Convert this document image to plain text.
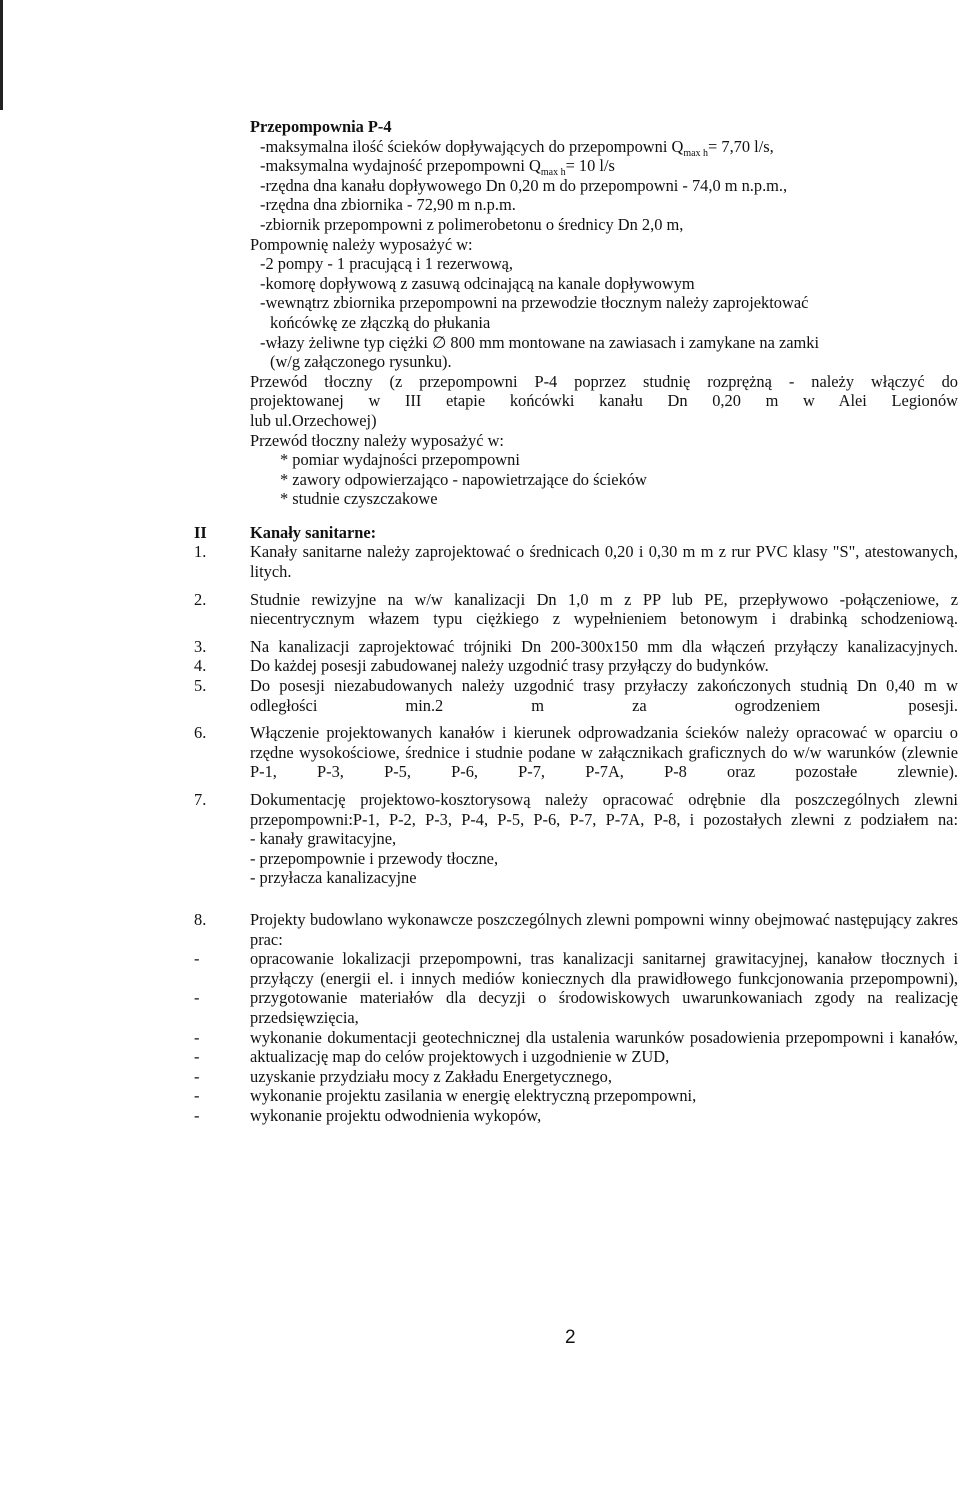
Przepompownia P-4
-maksymalna ilość ścieków dopływających do przepompowni $Q_{max h}= 7,70$ l/s,
-maksymalna wydajność przepompowni $Q_{max h}= 10$ l/s
-rzędna dna kanału dopływowego Dn 0,20 m do przepompowni - 74,0 m n.p.m.,
-rzędna dna zbiornika - 72,90 m n.p.m.
-zbiornik przepompowni z polimerobetonu o średnicy Dn 2,0 m,
Pompownię należy wyposażyć w:
-2 pompy - 1 pracującą i 1 rezerwową,
-komorę dopływową z zasuwą odcinającą na kanale dopływowym
-wewnątrz zbiornika przepompowni na przewodzie tłocznym należy zaprojektować
końcówkę ze złączką do płukania
-włazy żeliwne typ ciężki ∅ 800 mm montowane na zawiasach i zamykane na zamki
(w/g załączonego rysunku).
Przewód tłoczny (z przepompowni P-4 poprzez studnię rozprężną - należy włączyć do
projektowanej w III etapie końcówki kanału Dn 0,20 m w Alei Legionów
lub ul.Orzechowej)
Przewód tłoczny należy wyposażyć w:
* pomiar wydajności przepompowni
* zawory odpowierzająco - napowietrzające do ścieków
* studnie czyszczakowe
II	Kanały sanitarne:
1.	Kanały sanitarne należy zaprojektować o średnicach 0,20 i 0,30 m m z rur PVC klasy "S", atestowanych, litych.
2.	Studnie rewizyjne na w/w kanalizacji Dn 1,0 m z PP lub PE, przepływowo -połączeniowe, z niecentrycznym włazem typu ciężkiego z wypełnieniem betonowym i drabinką schodzeniową.
3.	Na kanalizacji zaprojektować trójniki Dn 200-300x150 mm dla włączeń przyłączy kanalizacyjnych.
4.	Do każdej posesji zabudowanej należy uzgodnić trasy przyłączy do budynków.
5.	Do posesji niezabudowanych należy uzgodnić trasy przyłaczy zakończonych studnią Dn 0,40 m w odległości min.2 m za ogrodzeniem posesji.
6.	Włączenie projektowanych kanałów i kierunek odprowadzania ścieków należy opracować w oparciu o rzędne wysokościowe, średnice i studnie podane w załącznikach graficznych do w/w warunków (zlewnie P-1, P-3, P-5, P-6, P-7, P-7A, P-8 oraz pozostałe zlewnie).
7.	Dokumentację projektowo-kosztorysową należy opracować odrębnie dla poszczególnych zlewni przepompowni:P-1, P-2, P-3, P-4, P-5, P-6, P-7, P-7A, P-8, i pozostałych zlewni z podziałem na:
- kanały grawitacyjne,
- przepompownie i przewody tłoczne,
- przyłacza kanalizacyjne
8.	Projekty budowlano wykonawcze poszczególnych zlewni pompowni winny obejmować następujący zakres prac:
-	opracowanie lokalizacji przepompowni, tras kanalizacji sanitarnej grawitacyjnej, kanałow tłocznych i przyłączy (energii el. i innych mediów koniecznych dla prawidłowego funkcjonowania przepompowni),
-	przygotowanie materiałów dla decyzji o środowiskowych uwarunkowaniach zgody na realizację przedsięwzięcia,
-	wykonanie dokumentacji geotechnicznej dla ustalenia warunków posadowienia przepompowni i kanałów,
-	aktualizację map do celów projektowych i uzgodnienie w ZUD,
-	uzyskanie przydziału mocy z Zakładu Energetycznego,
-	wykonanie projektu zasilania w energię elektryczną przepompowni,
-	wykonanie projektu odwodnienia wykopów,
2
